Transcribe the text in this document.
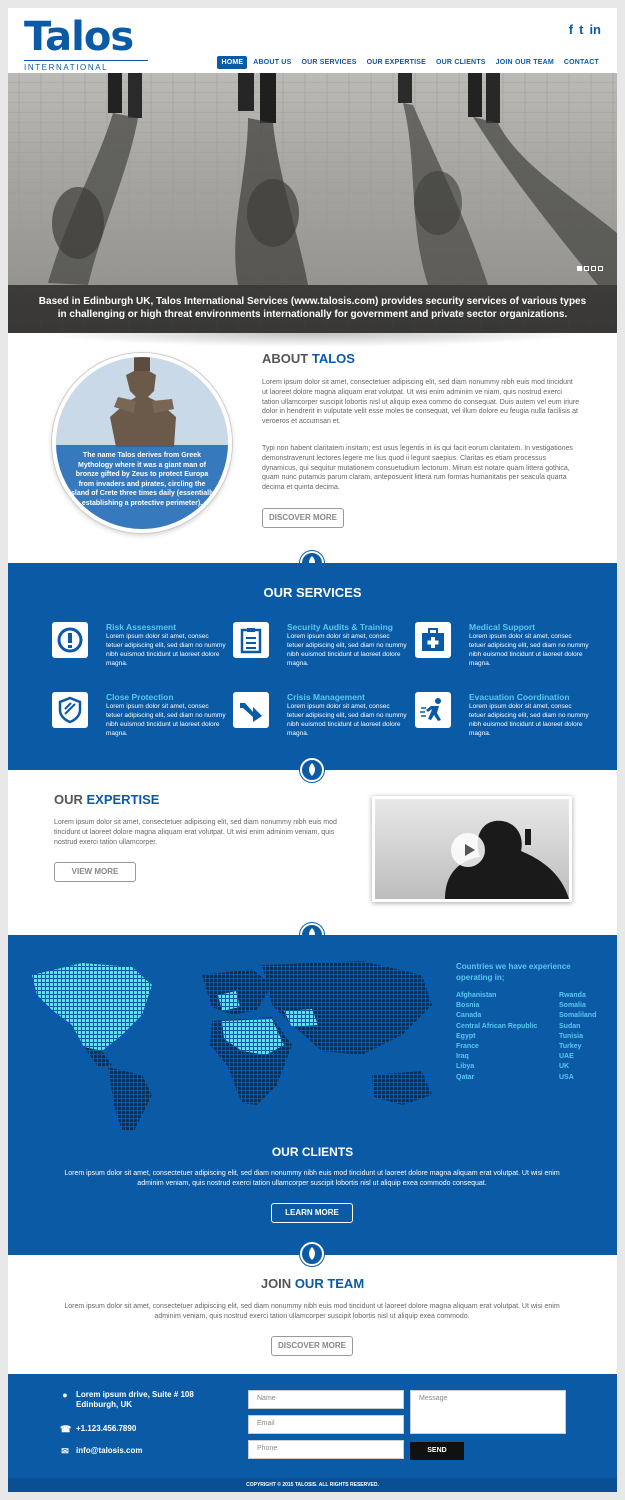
Talos
INTERNATIONAL
f t in
HOME	ABOUT US	OUR SERVICES	OUR EXPERTISE	OUR CLIENTS	JOIN OUR TEAM	CONTACT
Based in Edinburgh UK, Talos International Services (www.talosis.com) provides security services of various types in challenging or high threat environments internationally for government and private sector organizations.
The name Talos derives from Greek Mythology where it was a giant man of bronze gifted by Zeus to protect Europa from invaders and pirates, circling the island of Crete three times daily (essentially establishing a protective perimeter).
ABOUT TALOS

Lorem ipsum dolor sit amet, consectetuer adipiscing elit, sed diam nonummy nibh euis mod tincidunt ut laoreet dolore magna aliquam erat volutpat. Ut wisi enim adminim ve niam, quis nostrud exerci tation ullamcorper suscipit lobortis nisl ut aliquip exea commo do consequat. Duis autem vel eum iriure dolor in hendrerit in vulputate velit esse moles tie consequat, vel illum dolore eu feugia nulla facilisis at veroeros et accumsan et.

Typi non habent claritatem insitam; est usus legentis in iis qui facit eorum claritatem. In vestigationes demonstraverunt lectores legere me lius quod ii legunt saepius. Claritas es etiam processus dynamicus, qui sequitur mutationem consuetudium lectorum. Mirum est notare quam littera gothica, quam nunc putamus parum claram, anteposuerit littera rum formas humanitatis per seacula quarta decima et quinta decima.

DISCOVER MORE
OUR SERVICES
Risk Assessment
Lorem ipsum dolor sit amet, consec tetuer adipiscing elit, sed diam no nummy nibh euismod tincidunt ut laoreet dolore magna.
Security Audits & Training
Lorem ipsum dolor sit amet, consec tetuer adipiscing elit, sed diam no nummy nibh euismod tincidunt ut laoreet dolore magna.
Medical Support
Lorem ipsum dolor sit amet, consec tetuer adipiscing elit, sed diam no nummy nibh euismod tincidunt ut laoreet dolore magna.
Close Protection
Lorem ipsum dolor sit amet, consec tetuer adipiscing elit, sed diam no nummy nibh euismod tincidunt ut laoreet dolore magna.
Crisis Management
Lorem ipsum dolor sit amet, consec tetuer adipiscing elit, sed diam no nummy nibh euismod tincidunt ut laoreet dolore magna.
Evacuation Coordination
Lorem ipsum dolor sit amet, consec tetuer adipiscing elit, sed diam no nummy nibh euismod tincidunt ut laoreet dolore magna.
OUR EXPERTISE

Lorem ipsum dolor sit amet, consectetuer adipiscing elit, sed diam nonummy nibh euis mod tincidunt ut laoreet dolore magna aliquam erat volutpat. Ut wisi enim adminim veniam, quis nostrud exerci tation ullamcorper.

VIEW MORE
Countries we have experience operating in;
Afghanistan
Bosnia
Canada
Central African Republic
Egypt
France
Iraq
Libya
Qatar
Rwanda
Somalia
Somaliland
Sudan
Tunisia
Turkey
UAE
UK
USA
OUR CLIENTS

Lorem ipsum dolor sit amet, consectetuer adipiscing elit, sed diam nonummy nibh euis mod tincidunt ut laoreet dolore magna aliquam erat volutpat. Ut wisi enim adminim veniam, quis nostrud exerci tation ullamcorper suscipit lobortis nisl ut aliquip exea commodo consequat.

LEARN MORE
JOIN OUR TEAM

Lorem ipsum dolor sit amet, consectetuer adipiscing elit, sed diam nonummy nibh euis mod tincidunt ut laoreet dolore magna aliquam erat volutpat. Ut wisi enim adminim veniam, quis nostrud exerci tation ullamcorper suscipit lobortis nisl ut aliquip exea commodo.

DISCOVER MORE
● Lorem ipsum drive, Suite # 108
Edinburgh, UK
☎ +1.123.456.7890
✉ info@talosis.com
Name
Email
Phone
Message
SEND
COPYRIGHT © 2015 TALOSIS. ALL RIGHTS RESERVED.
